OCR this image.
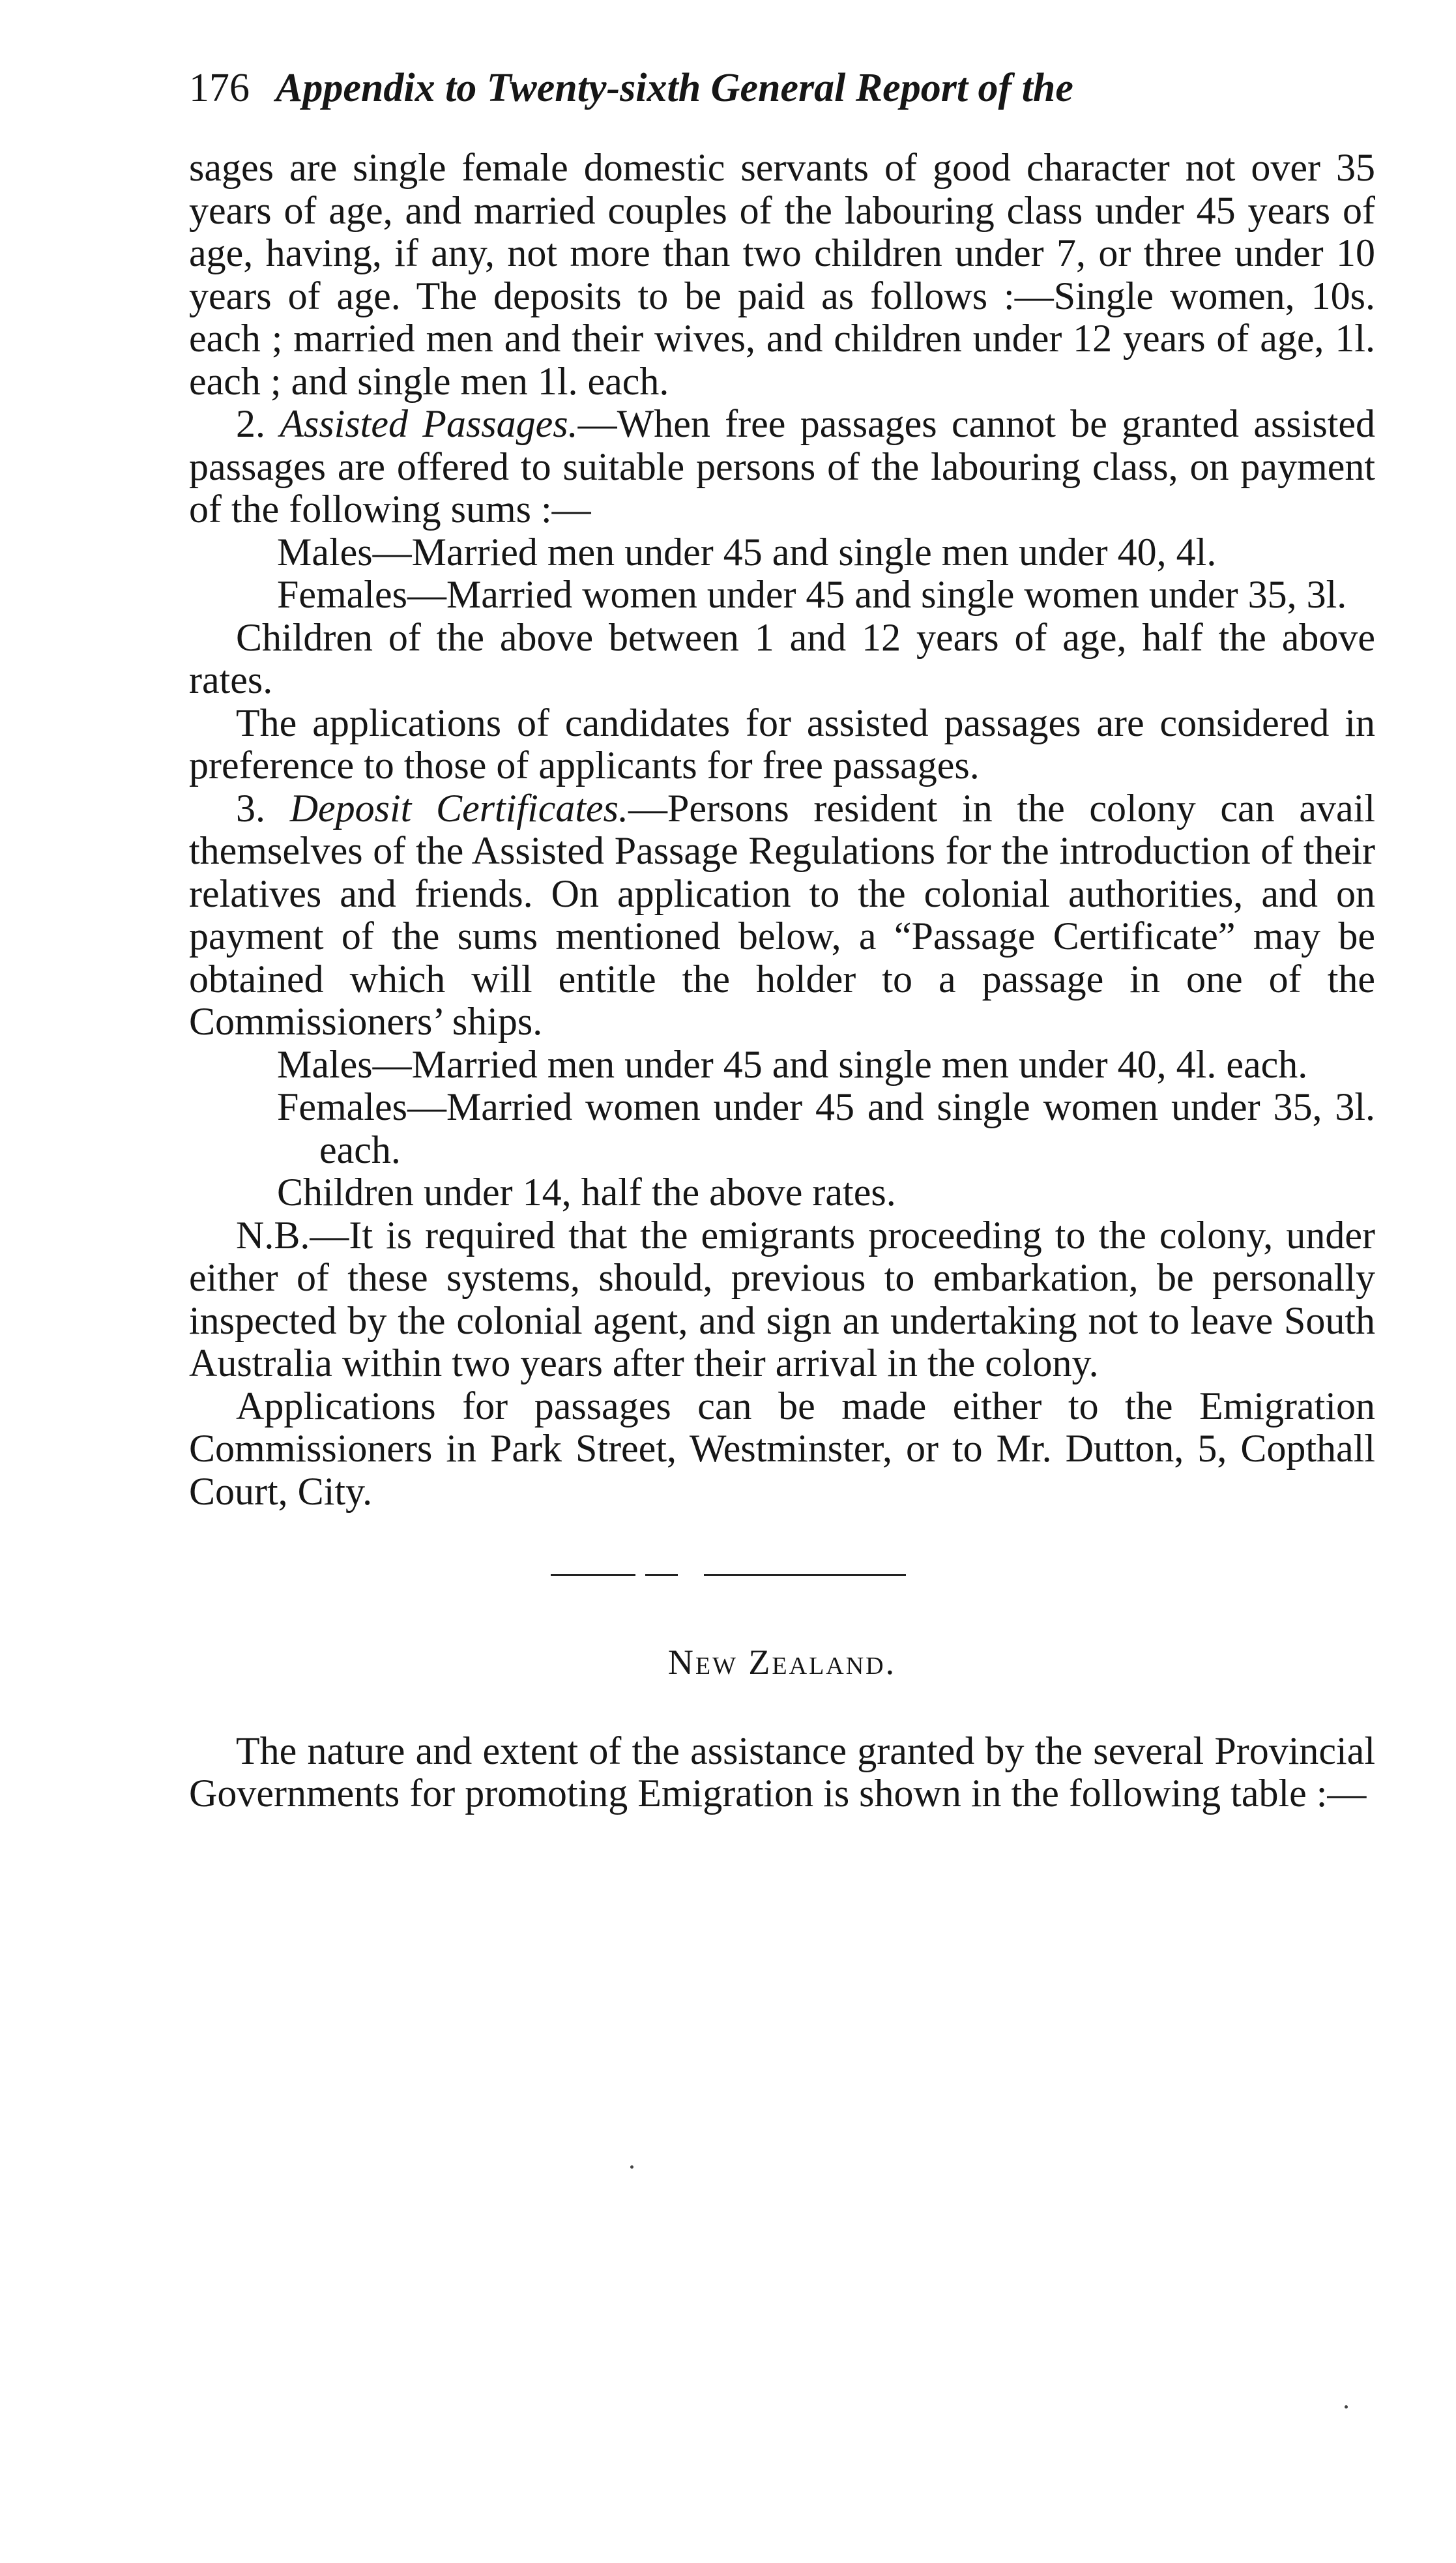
176 Appendix to Twenty-sixth General Report of the

sages are single female domestic servants of good character not over 35 years of age, and married couples of the labouring class under 45 years of age, having, if any, not more than two children under 7, or three under 10 years of age. The deposits to be paid as follows :—Single women, 10s. each ; married men and their wives, and children under 12 years of age, 1l. each ; and single men 1l. each.

2. Assisted Passages.—When free passages cannot be granted assisted passages are offered to suitable persons of the labouring class, on payment of the following sums :—

Males—Married men under 45 and single men under 40, 4l.

Females—Married women under 45 and single women under 35, 3l.

Children of the above between 1 and 12 years of age, half the above rates.

The applications of candidates for assisted passages are considered in preference to those of applicants for free passages.

3. Deposit Certificates.—Persons resident in the colony can avail themselves of the Assisted Passage Regulations for the introduction of their relatives and friends. On application to the colonial authorities, and on payment of the sums mentioned below, a “Passage Certificate” may be obtained which will entitle the holder to a passage in one of the Commissioners’ ships.

Males—Married men under 45 and single men under 40, 4l. each.

Females—Married women under 45 and single women under 35, 3l. each.

Children under 14, half the above rates.

N.B.—It is required that the emigrants proceeding to the colony, under either of these systems, should, previous to embarkation, be personally inspected by the colonial agent, and sign an undertaking not to leave South Australia within two years after their arrival in the colony.

Applications for passages can be made either to the Emigration Commissioners in Park Street, Westminster, or to Mr. Dutton, 5, Copthall Court, City.

New Zealand.

The nature and extent of the assistance granted by the several Provincial Governments for promoting Emigration is shown in the following table :—
